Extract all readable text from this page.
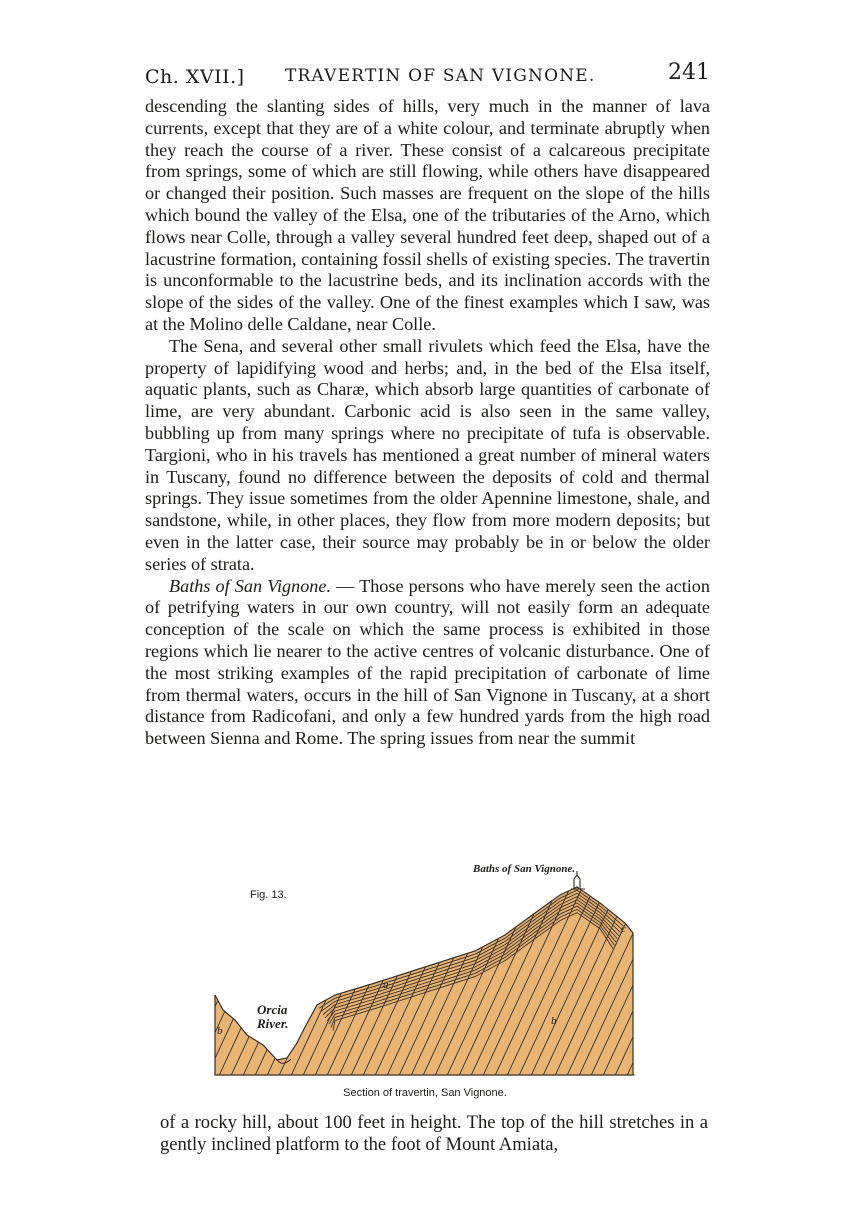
Ch. XVII.] TRAVERTIN OF SAN VIGNONE.	241

descending the slanting sides of hills, very much in the manner of lava currents, except that they are of a white colour, and terminate abruptly when they reach the course of a river. These consist of a calcareous precipitate from springs, some of which are still flowing, while others have disappeared or changed their position. Such masses are frequent on the slope of the hills which bound the valley of the Elsa, one of the tributaries of the Arno, which flows near Colle, through a valley several hundred feet deep, shaped out of a lacustrine formation, containing fossil shells of existing species. The travertin is unconformable to the lacustrine beds, and its inclination accords with the slope of the sides of the valley. One of the finest examples which I saw, was at the Molino delle Caldane, near Colle.

The Sena, and several other small rivulets which feed the Elsa, have the property of lapidifying wood and herbs; and, in the bed of the Elsa itself, aquatic plants, such as Charæ, which absorb large quantities of carbonate of lime, are very abundant. Carbonic acid is also seen in the same valley, bubbling up from many springs where no precipitate of tufa is observable. Targioni, who in his travels has mentioned a great number of mineral waters in Tuscany, found no difference between the deposits of cold and thermal springs. They issue sometimes from the older Apennine limestone, shale, and sandstone, while, in other places, they flow from more modern deposits; but even in the latter case, their source may probably be in or below the older series of strata.

Baths of San Vignone. — Those persons who have merely seen the action of petrifying waters in our own country, will not easily form an adequate conception of the scale on which the same process is exhibited in those regions which lie nearer to the active centres of volcanic disturbance. One of the most striking examples of the rapid precipitation of carbonate of lime from thermal waters, occurs in the hill of San Vignone in Tuscany, at a short distance from Radicofani, and only a few hundred yards from the high road between Sienna and Rome. The spring issues from near the summit

Fig. 13.
Baths of San Vignone.
Orcia
River.
a
b
b
c
Section of travertin, San Vignone.

of a rocky hill, about 100 feet in height. The top of the hill stretches in a gently inclined platform to the foot of Mount Amiata,
